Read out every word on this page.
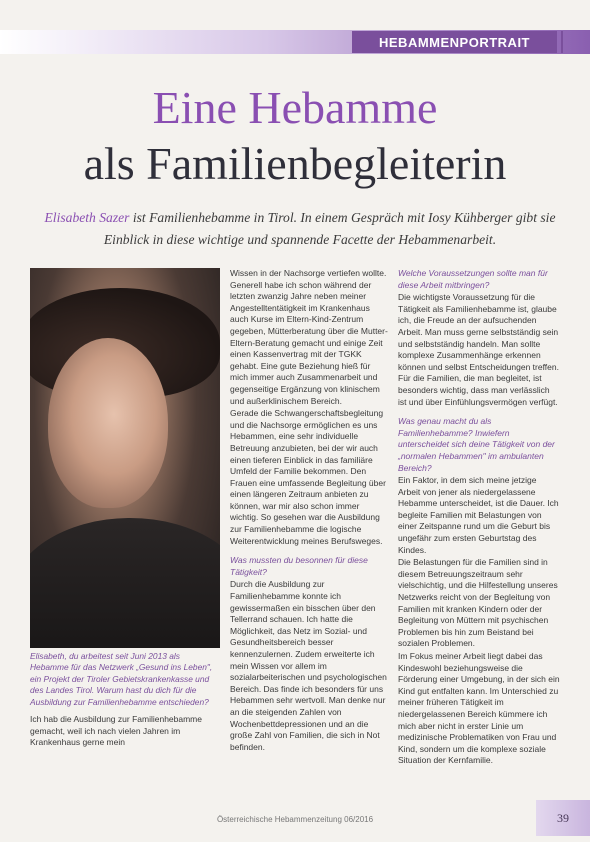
HEBAMMENPORTRAIT
Eine Hebamme
als Familienbegleiterin
Elisabeth Sazer ist Familienhebamme in Tirol. In einem Gespräch mit Iosy Kühberger gibt sie Einblick in diese wichtige und spannende Facette der Hebammenarbeit.
Elisabeth, du arbeitest seit Juni 2013 als Hebamme für das Netzwerk „Gesund ins Leben", ein Projekt der Tiroler Gebietskrankenkasse und des Landes Tirol. Warum hast du dich für die Ausbildung zur Familienhebamme entschieden?

Ich hab die Ausbildung zur Familienhebamme gemacht, weil ich nach vielen Jahren im Krankenhaus gerne mein

Wissen in der Nachsorge vertiefen wollte. Generell habe ich schon während der letzten zwanzig Jahre neben meiner Angestelltentätigkeit im Krankenhaus auch Kurse im Eltern-Kind-Zentrum gegeben, Mütterberatung über die Mutter-Eltern-Beratung gemacht und einige Zeit einen Kassenvertrag mit der TGKK gehabt. Eine gute Beziehung hieß für mich immer auch Zusammenarbeit und gegenseitige Ergänzung von klinischem und außerklinischem Bereich.

Gerade die Schwangerschaftsbegleitung und die Nachsorge ermöglichen es uns Hebammen, eine sehr individuelle Betreuung anzubieten, bei der wir auch einen tieferen Einblick in das familiäre Umfeld der Familie bekommen. Den Frauen eine umfassende Begleitung über einen längeren Zeitraum anbieten zu können, war mir also schon immer wichtig. So gesehen war die Ausbildung zur Familienhebamme die logische Weiterentwicklung meines Berufsweges.

Was mussten du besonnen für diese Tätigkeit?

Durch die Ausbildung zur Familienhebamme konnte ich gewissermaßen ein bisschen über den Tellerrand schauen. Ich hatte die Möglichkeit, das Netz im Sozial- und Gesundheitsbereich besser kennenzulernen. Zudem erweiterte ich mein Wissen vor allem im sozialarbeiterischen und psychologischen Bereich. Das finde ich besonders für uns Hebammen sehr wertvoll. Man denke nur an die steigenden Zahlen von Wochenbettdepressionen und an die große Zahl von Familien, die sich in Not befinden.

Welche Voraussetzungen sollte man für diese Arbeit mitbringen?

Die wichtigste Voraussetzung für die Tätigkeit als Familienhebamme ist, glaube ich, die Freude an der aufsuchenden Arbeit. Man muss gerne selbstständig sein und selbstständig handeln. Man sollte komplexe Zusammenhänge erkennen können und selbst Entscheidungen treffen. Für die Familien, die man begleitet, ist besonders wichtig, dass man verlässlich ist und über Einfühlungsvermögen verfügt.

Was genau macht du als Familienhebamme? Inwiefern unterscheidet sich deine Tätigkeit von der „normalen Hebammen" im ambulanten Bereich?

Ein Faktor, in dem sich meine jetzige Arbeit von jener als niedergelassene Hebamme unterscheidet, ist die Dauer. Ich begleite Familien mit Belastungen von einer Zeitspanne rund um die Geburt bis ungefähr zum ersten Geburtstag des Kindes.

Die Belastungen für die Familien sind in diesem Betreuungszeitraum sehr vielschichtig, und die Hilfestellung unseres Netzwerks reicht von der Begleitung von Familien mit kranken Kindern oder der Begleitung von Müttern mit psychischen Problemen bis hin zum Beistand bei sozialen Problemen.

Im Fokus meiner Arbeit liegt dabei das Kindeswohl beziehungsweise die Förderung einer Umgebung, in der sich ein Kind gut entfalten kann. Im Unterschied zu meiner früheren Tätigkeit im niedergelassenen Bereich kümmere ich mich aber nicht in erster Linie um medizinische Problematiken von Frau und Kind, sondern um die komplexe soziale Situation der Kernfamilie.

Österreichische Hebammenzeitung 06/2016	39
